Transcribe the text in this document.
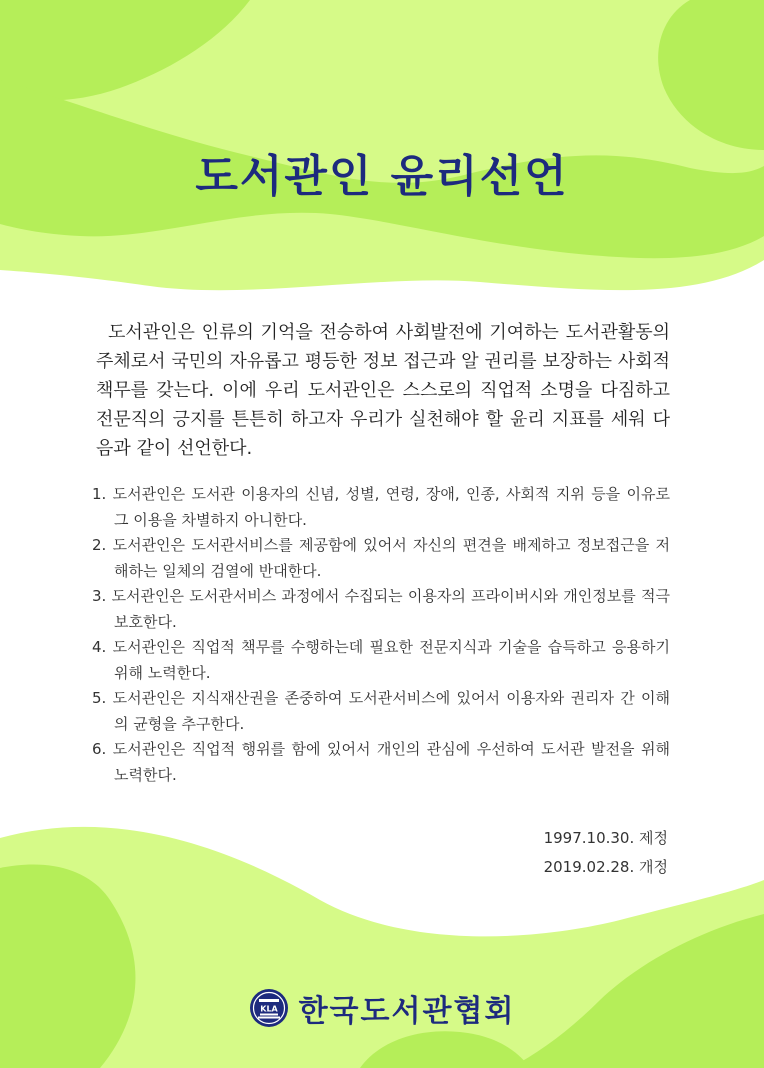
도서관인 윤리선언

도서관인은 인류의 기억을 전승하여 사회발전에 기여하는 도서관활동의 주체로서 국민의 자유롭고 평등한 정보 접근과 알 권리를 보장하는 사회적 책무를 갖는다. 이에 우리 도서관인은 스스로의 직업적 소명을 다짐하고 전문직의 긍지를 튼튼히 하고자 우리가 실천해야 할 윤리 지표를 세워 다음과 같이 선언한다.

1. 도서관인은 도서관 이용자의 신념, 성별, 연령, 장애, 인종, 사회적 지위 등을 이유로 그 이용을 차별하지 아니한다.
2. 도서관인은 도서관서비스를 제공함에 있어서 자신의 편견을 배제하고 정보접근을 저해하는 일체의 검열에 반대한다.
3. 도서관인은 도서관서비스 과정에서 수집되는 이용자의 프라이버시와 개인정보를 적극 보호한다.
4. 도서관인은 직업적 책무를 수행하는데 필요한 전문지식과 기술을 습득하고 응용하기 위해 노력한다.
5. 도서관인은 지식재산권을 존중하여 도서관서비스에 있어서 이용자와 권리자 간 이해의 균형을 추구한다.
6. 도서관인은 직업적 행위를 함에 있어서 개인의 관심에 우선하여 도서관 발전을 위해 노력한다.
1997.10.30. 제정
2019.02.28. 개정
KLA 한국도서관협회
